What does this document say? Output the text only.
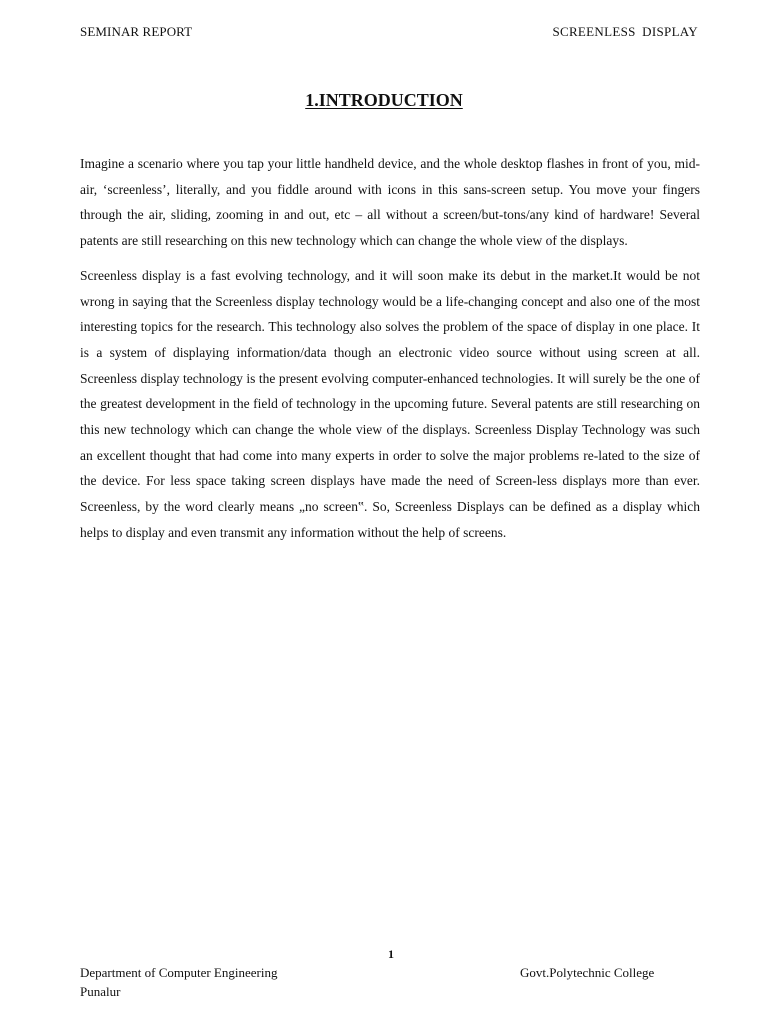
SEMINAR REPORT	SCREENLESS DISPLAY
1.INTRODUCTION

Imagine a scenario where you tap your little handheld device, and the whole desktop flashes in front of you, mid-air, ‘screenless’, literally, and you fiddle around with icons in this sans-screen setup. You move your fingers through the air, sliding, zooming in and out, etc – all without a screen/but-tons/any kind of hardware! Several patents are still researching on this new technology which can change the whole view of the displays.

Screenless display is a fast evolving technology, and it will soon make its debut in the market.It would be not wrong in saying that the Screenless display technology would be a life-changing concept and also one of the most interesting topics for the research. This technology also solves the problem of the space of display in one place. It is a system of displaying information/data though an electronic video source without using screen at all. Screenless display technology is the present evolving computer-enhanced technologies. It will surely be the one of the greatest development in the field of technology in the upcoming future. Several patents are still researching on this new technology which can change the whole view of the displays. Screenless Display Technology was such an excellent thought that had come into many experts in order to solve the major problems re-lated to the size of the device. For less space taking screen displays have made the need of Screen-less displays more than ever. Screenless, by the word clearly means „no screen‟. So, Screenless Displays can be defined as a display which helps to display and even transmit any information without the help of screens.

1
Department of Computer Engineering
Punalur
Govt.Polytechnic College
